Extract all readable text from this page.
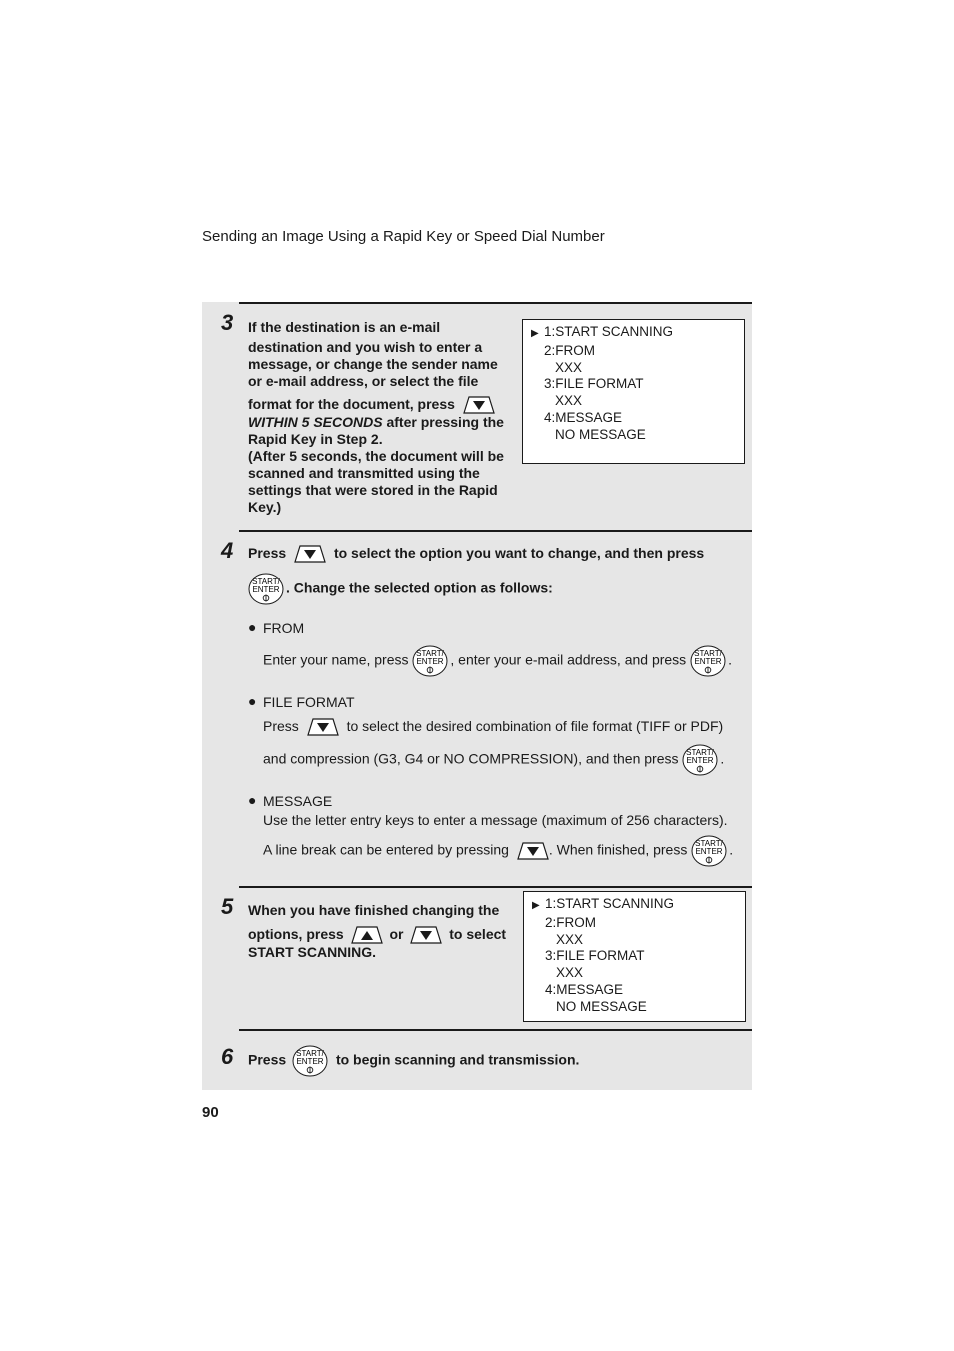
Sending an Image Using a Rapid Key or Speed Dial Number
3 If the destination is an e-mail
destination and you wish to enter a
message, or change the sender name
or e-mail address, or select the file
format for the document, press
WITHIN 5 SECONDS after pressing the
Rapid Key in Step 2.
(After 5 seconds, the document will be
scanned and transmitted using the
settings that were stored in the Rapid
Key.)
▶ 1:START SCANNING
2:FROM
XXX
3:FILE FORMAT
XXX
4:MESSAGE
NO MESSAGE
4 Press	to select the option you want to change, and then press
START/
ENTER . Change the selected option as follows:
● FROM
Enter your name, press START/
ENTER , enter your e-mail address, and press START/
ENTER .
● FILE FORMAT
Press	to select the desired combination of file format (TIFF or PDF)
and compression (G3, G4 or NO COMPRESSION), and then press START/
ENTER .
● MESSAGE
Use the letter entry keys to enter a message (maximum of 256 characters).
A line break can be entered by pressing	. When finished, press START/
ENTER .
5 When you have finished changing the
options, press	or	to select
START SCANNING.
▶ 1:START SCANNING
2:FROM
XXX
3:FILE FORMAT
XXX
4:MESSAGE
NO MESSAGE
6 Press START/
ENTER to begin scanning and transmission.
90
